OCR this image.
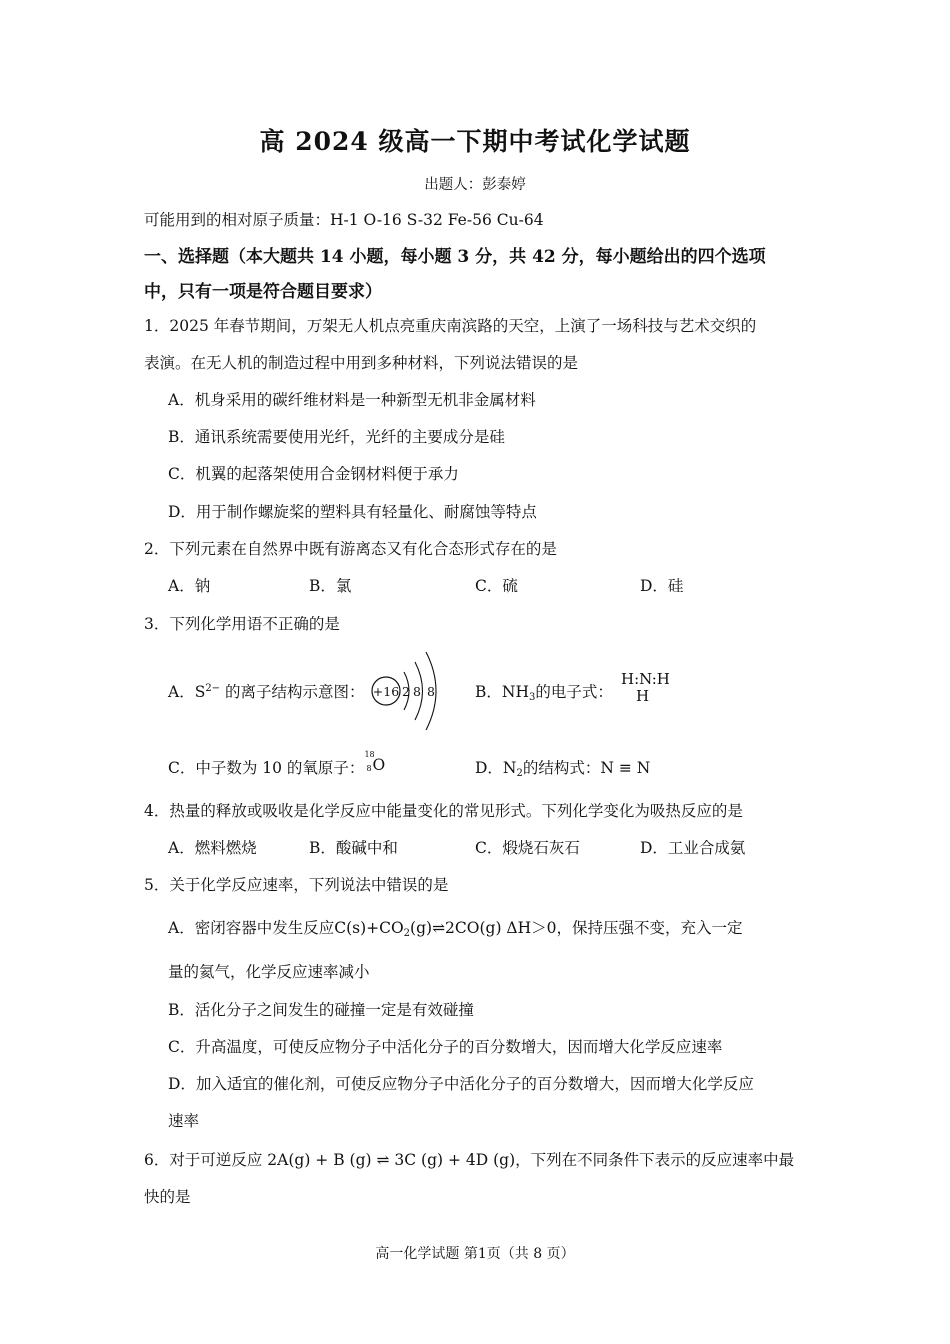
高 2024 级高一下期中考试化学试题
出题人：彭泰婷
可能用到的相对原子质量：H-1 O-16 S-32 Fe-56 Cu-64
一、选择题（本大题共 14 小题，每小题 3 分，共 42 分，每小题给出的四个选项
中，只有一项是符合题目要求）
1．2025 年春节期间，万架无人机点亮重庆南滨路的天空，上演了一场科技与艺术交织的
表演。在无人机的制造过程中用到多种材料，下列说法错误的是
A．机身采用的碳纤维材料是一种新型无机非金属材料
B．通讯系统需要使用光纤，光纤的主要成分是硅
C．机翼的起落架使用合金钢材料便于承力
D．用于制作螺旋桨的塑料具有轻量化、耐腐蚀等特点
2．下列元素在自然界中既有游离态又有化合态形式存在的是
A．钠	B．氯	C．硫	D．硅
3．下列化学用语不正确的是
A．$S^{2-}$ 的离子结构示意图： +16 2 8 8	B．$NH_3$的电子式：
H:N:H
H
C．中子数为 10 的氧原子：
18
8 O	D．$N_2$的结构式：N ≡ N
4．热量的释放或吸收是化学反应中能量变化的常见形式。下列化学变化为吸热反应的是
A．燃料燃烧	B．酸碱中和	C．煅烧石灰石	D．工业合成氨
5．关于化学反应速率，下列说法中错误的是
A．密闭容器中发生反应$C(s)+CO_2(g)\rightleftharpoons 2CO(g)$ ΔH＞0，保持压强不变，充入一定
量的氦气，化学反应速率减小
B．活化分子之间发生的碰撞一定是有效碰撞
C．升高温度，可使反应物分子中活化分子的百分数增大，因而增大化学反应速率
D．加入适宜的催化剂，可使反应物分子中活化分子的百分数增大，因而增大化学反应
速率
6．对于可逆反应 2A(g) + B (g) ⇌ 3C (g) + 4D (g)，下列在不同条件下表示的反应速率中最
快的是
高一化学试题 第1页（共 8 页）
